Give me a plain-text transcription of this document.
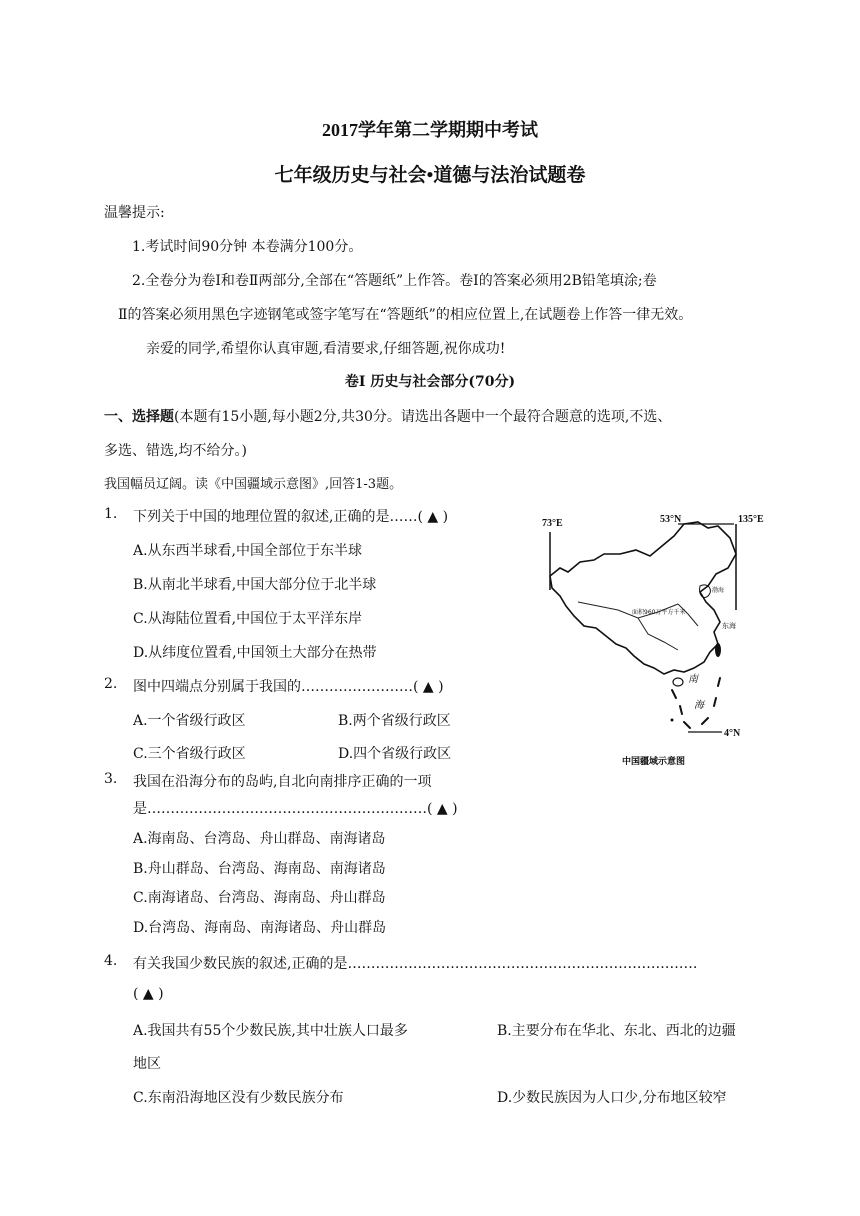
2017学年第二学期期中考试
七年级历史与社会•道德与法治试题卷
温馨提示:
1.考试时间90分钟 本卷满分100分。
2.全卷分为卷Ⅰ和卷Ⅱ两部分,全部在“答题纸”上作答。卷Ⅰ的答案必须用2B铅笔填涂;卷
Ⅱ的答案必须用黑色字迹钢笔或签字笔写在“答题纸”的相应位置上,在试题卷上作答一律无效。
亲爱的同学,希望你认真审题,看清要求,仔细答题,祝你成功!
卷Ⅰ 历史与社会部分(70分)
一、选择题(本题有15小题,每小题2分,共30分。请选出各题中一个最符合题意的选项,不选、
多选、错选,均不给分。)
我国幅员辽阔。读《中国疆域示意图》,回答1-3题。
1. 下列关于中国的地理位置的叙述,正确的是……( ▲ )
A.从东西半球看,中国全部位于东半球
B.从南北半球看,中国大部分位于北半球
C.从海陆位置看,中国位于太平洋东岸
D.从纬度位置看,中国领土大部分在热带
2. 图中四端点分别属于我国的……………………( ▲ )
A.一个省级行政区	B.两个省级行政区
C.三个省级行政区	D.四个省级行政区
3. 我国在沿海分布的岛屿,自北向南排序正确的一项
是……………………………………………………( ▲ )
A.海南岛、台湾岛、舟山群岛、南海诸岛
B.舟山群岛、台湾岛、海南岛、南海诸岛
C.南海诸岛、台湾岛、海南岛、舟山群岛
D.台湾岛、海南岛、南海诸岛、舟山群岛
4. 有关我国少数民族的叙述,正确的是…………………………………………………………………
( ▲ )
A.我国共有55个少数民族,其中壮族人口最多	B.主要分布在华北、东北、西北的边疆
地区
C.东南沿海地区没有少数民族分布	D.少数民族因为人口少,分布地区较窄
73°E	53°N	135°E
4°N
面积960万平方千米
渤海
东海
南
海
中国疆域示意图
